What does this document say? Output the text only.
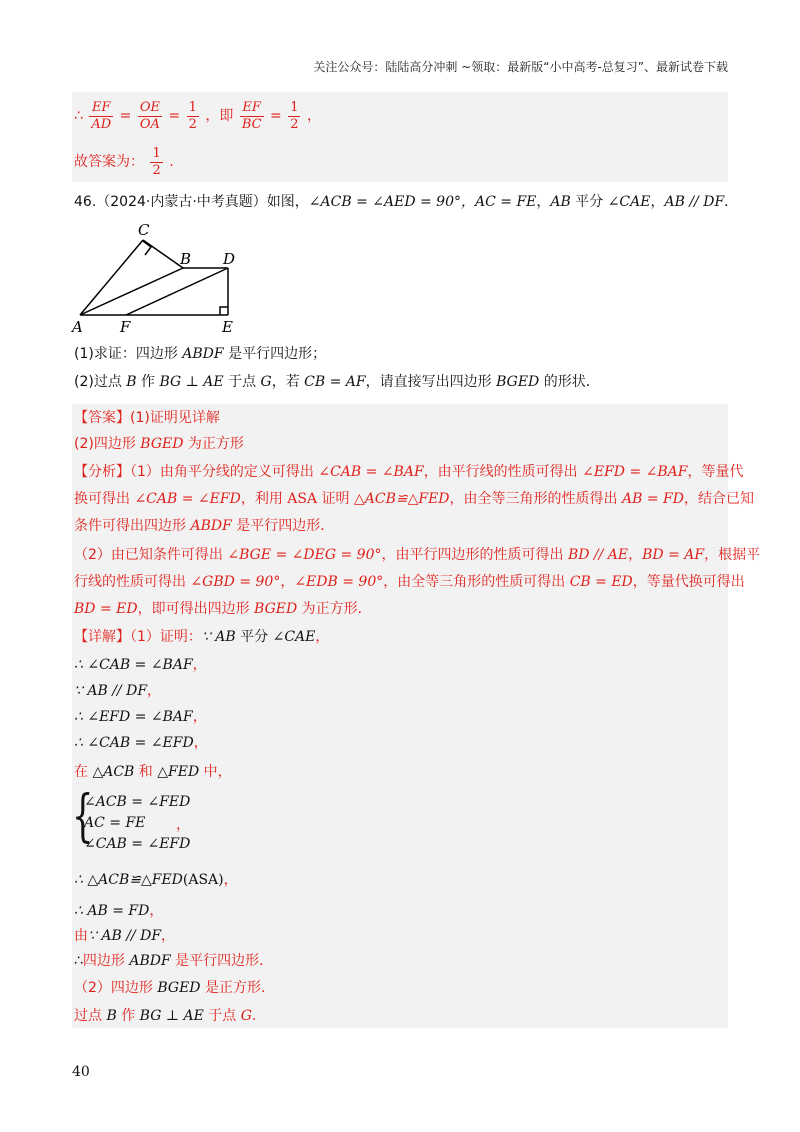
关注公众号：陆陆高分冲刺 ~领取：最新版“小中高考-总复习”、最新试卷下载
∴ $\frac{EF}{AD} = \frac{OE}{OA} = \frac{1}{2}$ ，即 $\frac{EF}{BC} = \frac{1}{2}$ ，
故答案为： $\frac{1}{2}$ .
46.（2024·内蒙古·中考真题）如图，∠ACB = ∠AED = 90°，AC = FE，AB 平分 ∠CAE，AB // DF．
C
B D
A F	E
(1)求证：四边形 ABDF 是平行四边形；
(2)过点 B 作 BG ⊥ AE 于点 G，若 CB = AF，请直接写出四边形 BGED 的形状．
【答案】(1)证明见详解
(2)四边形 BGED 为正方形
【分析】（1）由角平分线的定义可得出 ∠CAB = ∠BAF，由平行线的性质可得出 ∠EFD = ∠BAF，等量代
换可得出 ∠CAB = ∠EFD，利用 ASA 证明 △ACB≌△FED，由全等三角形的性质得出 AB = FD，结合已知
条件可得出四边形 ABDF 是平行四边形．
（2）由已知条件可得出 ∠BGE = ∠DEG = 90°，由平行四边形的性质可得出 BD // AE，BD = AF，根据平
行线的性质可得出 ∠GBD = 90°，∠EDB = 90°，由全等三角形的性质可得出 CB = ED，等量代换可得出
BD = ED，即可得出四边形 BGED 为正方形．
【详解】（1）证明：∵ AB 平分 ∠CAE，
∴ ∠CAB = ∠BAF，
∵ AB // DF，
∴ ∠EFD = ∠BAF，
∴ ∠CAB = ∠EFD，
在 △ACB 和 △FED 中，
{
∠ACB = ∠FED
AC = FE
∠CAB = ∠EFD
，
∴ △ACB≌△FED(ASA)，
∴ AB = FD，
由∵ AB // DF，
∴四边形 ABDF 是平行四边形．
（2）四边形 BGED 是正方形．
过点 B 作 BG ⊥ AE 于点 G.
40
